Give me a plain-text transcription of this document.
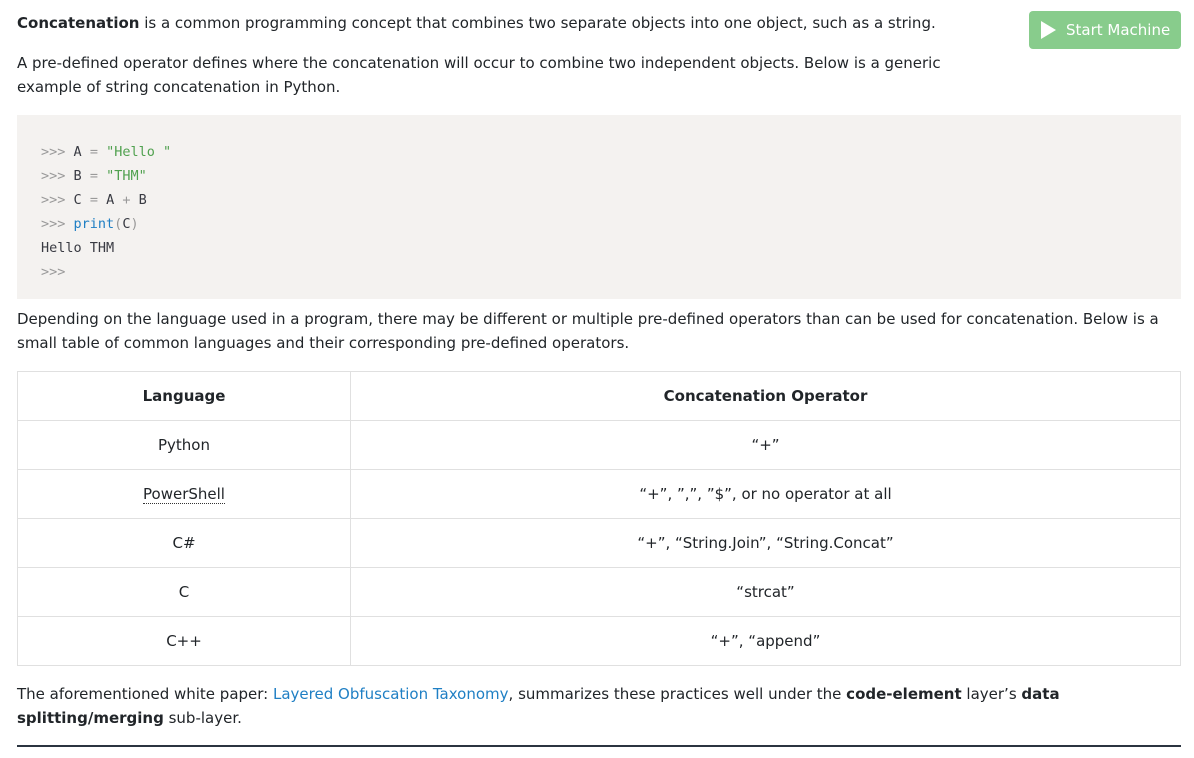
Concatenation is a common programming concept that combines two separate objects into one object, such as a string.	Start Machine

A pre-defined operator defines where the concatenation will occur to combine two independent objects. Below is a generic example of string concatenation in Python.

>>> A = "Hello "
>>> B = "THM"
>>> C = A + B
>>> print(C)
Hello THM
>>>

Depending on the language used in a program, there may be different or multiple pre-defined operators than can be used for concatenation. Below is a small table of common languages and their corresponding pre-defined operators.

Language	Concatenation Operator
Python	“+”
PowerShell	“+”, ”,”, ”$”, or no operator at all
C#	“+”, “String.Join”, “String.Concat”
C	“strcat”
C++	“+”, “append”

The aforementioned white paper: Layered Obfuscation Taxonomy, summarizes these practices well under the code-element layer’s data splitting/merging sub-layer.
